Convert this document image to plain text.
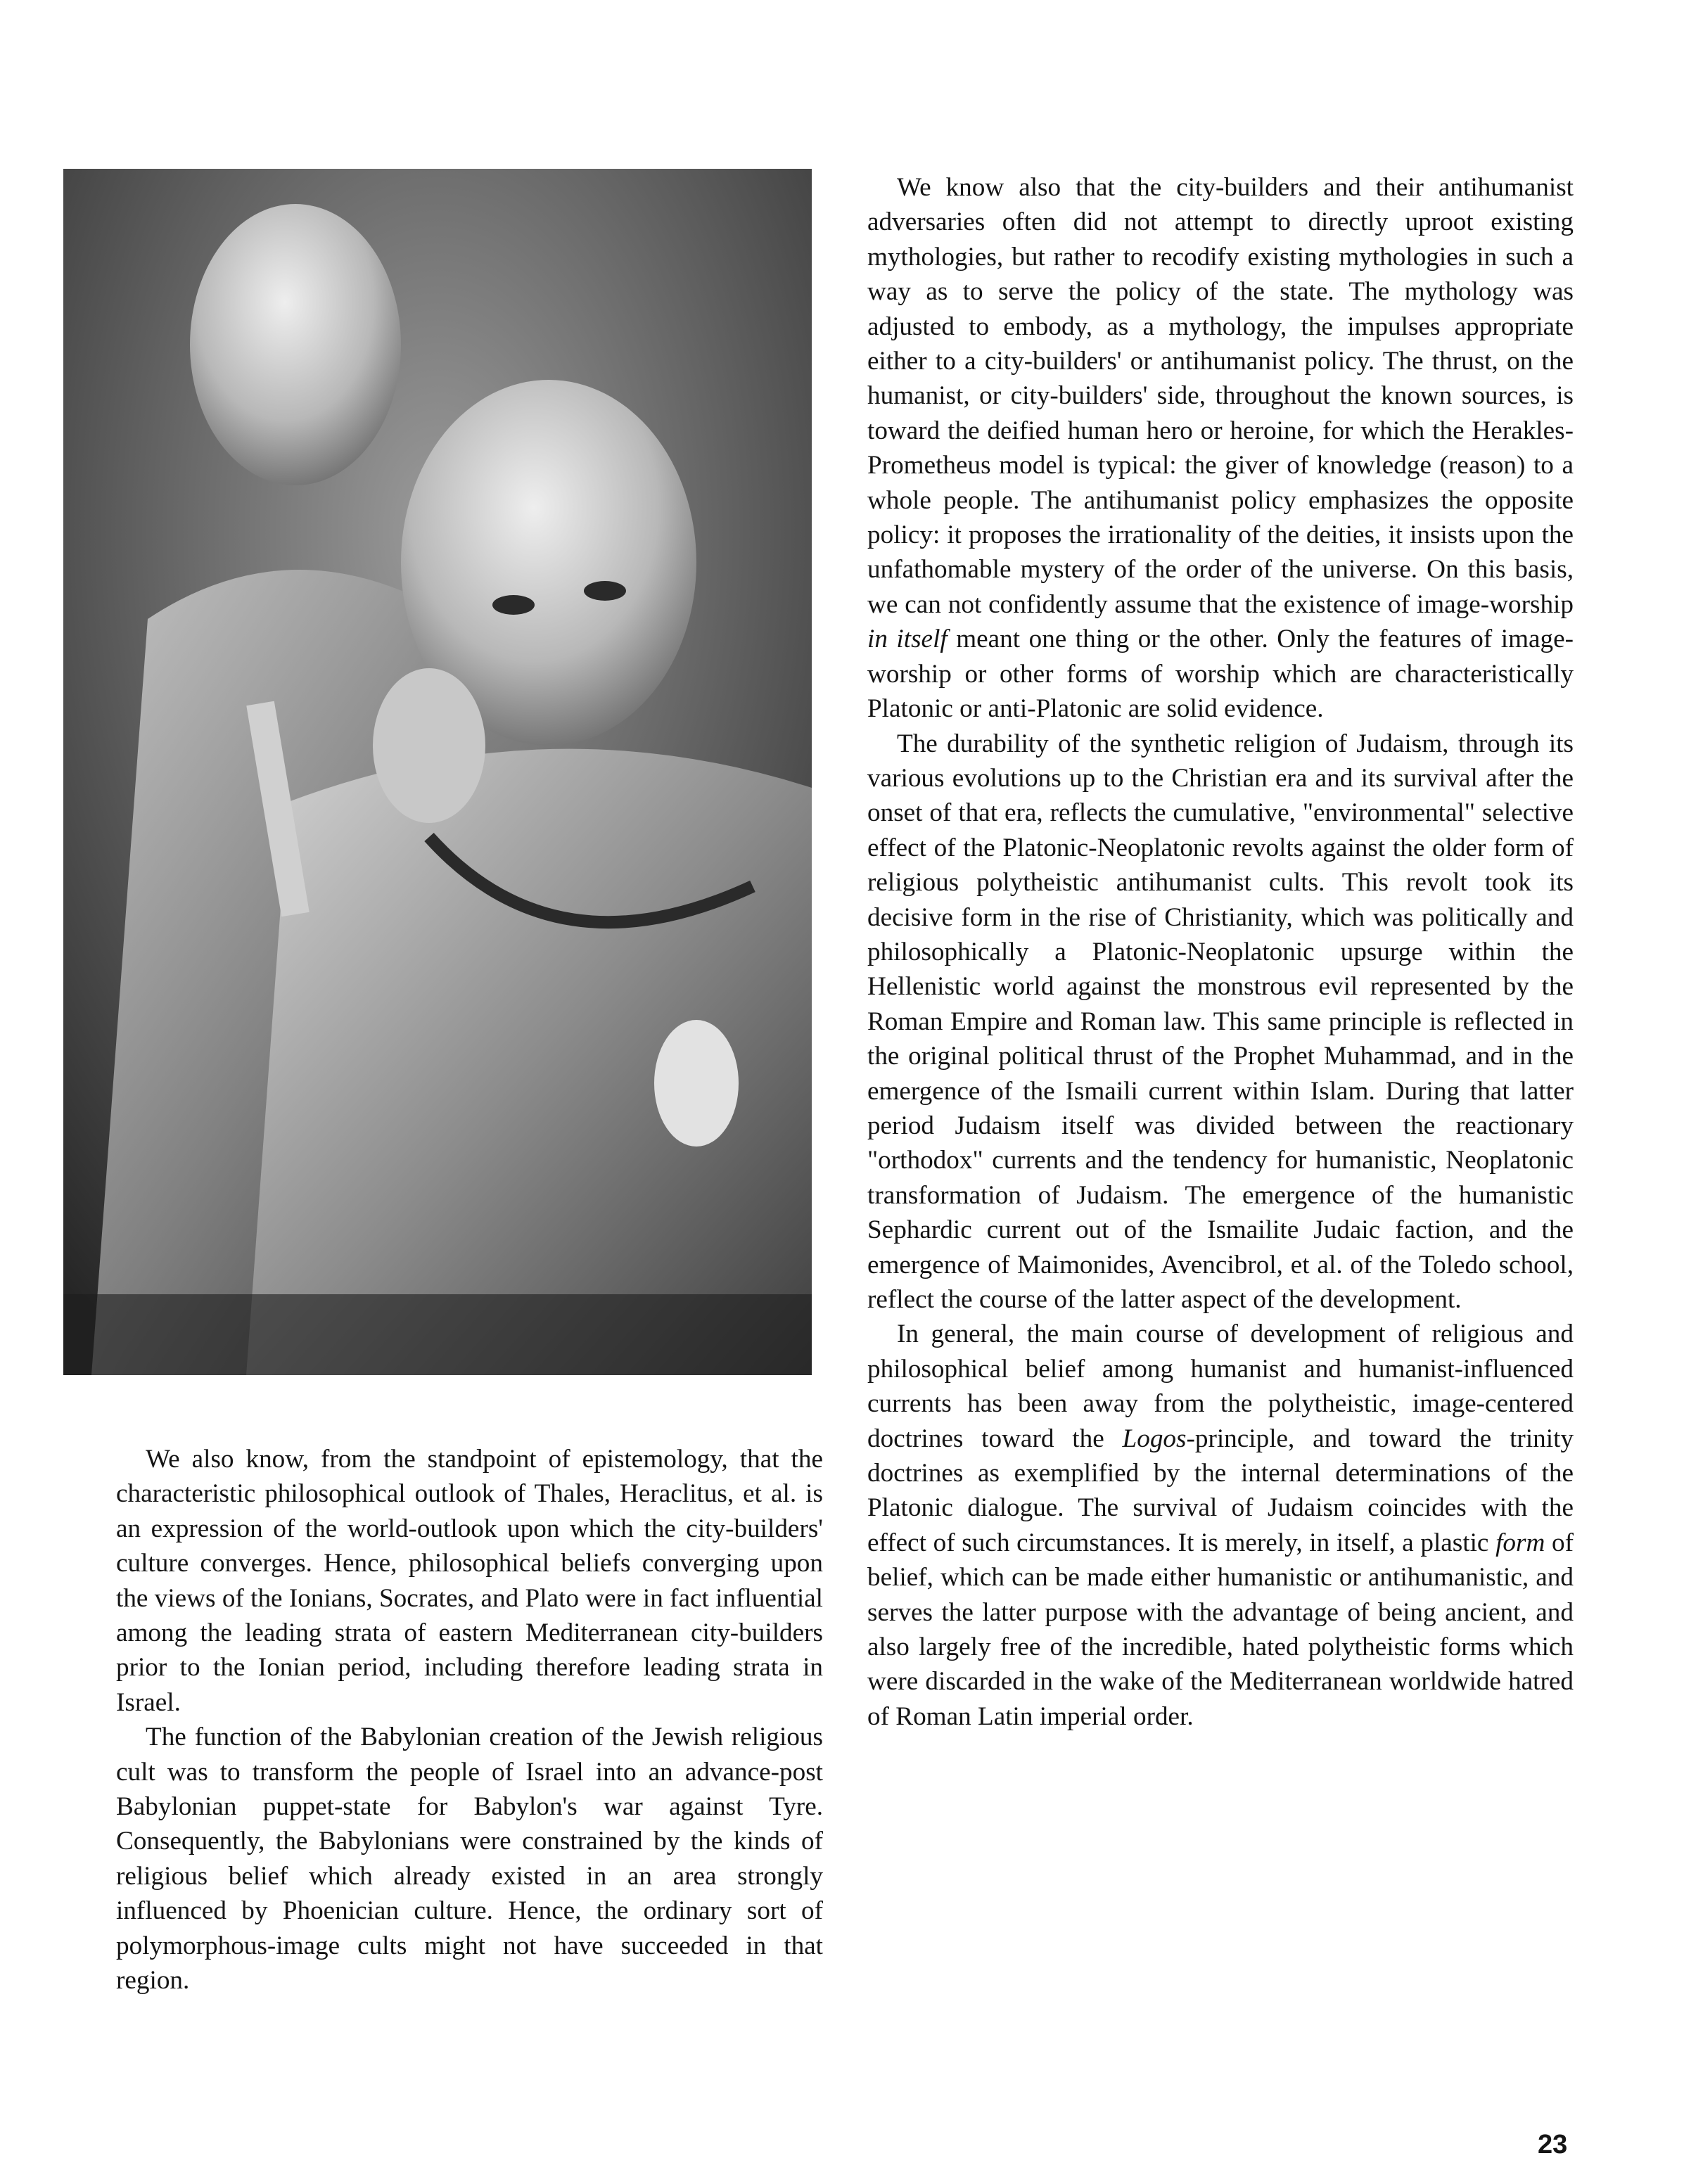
We also know, from the standpoint of epistemology, that the characteristic philosophical outlook of Thales, Heraclitus, et al. is an expression of the world-outlook upon which the city-builders' culture converges. Hence, philosophical beliefs converging upon the views of the Ionians, Socrates, and Plato were in fact influential among the leading strata of eastern Mediterranean city-builders prior to the Ionian period, including therefore leading strata in Israel.

The function of the Babylonian creation of the Jewish religious cult was to transform the people of Israel into an advance-post Babylonian puppet-state for Babylon's war against Tyre. Consequently, the Babylonians were constrained by the kinds of religious belief which already existed in an area strongly influenced by Phoenician culture. Hence, the ordinary sort of polymorphous-image cults might not have succeeded in that region.

We know also that the city-builders and their antihumanist adversaries often did not attempt to directly uproot existing mythologies, but rather to recodify existing mythologies in such a way as to serve the policy of the state. The mythology was adjusted to embody, as a mythology, the impulses appropriate either to a city-builders' or antihumanist policy. The thrust, on the humanist, or city-builders' side, throughout the known sources, is toward the deified human hero or heroine, for which the Herakles-Prometheus model is typical: the giver of knowledge (reason) to a whole people. The antihumanist policy emphasizes the opposite policy: it proposes the irrationality of the deities, it insists upon the unfathomable mystery of the order of the universe. On this basis, we can not confidently assume that the existence of image-worship in itself meant one thing or the other. Only the features of image-worship or other forms of worship which are characteristically Platonic or anti-Platonic are solid evidence.

The durability of the synthetic religion of Judaism, through its various evolutions up to the Christian era and its survival after the onset of that era, reflects the cumulative, "environmental" selective effect of the Platonic-Neoplatonic revolts against the older form of religious polytheistic antihumanist cults. This revolt took its decisive form in the rise of Christianity, which was politically and philosophically a Platonic-Neoplatonic upsurge within the Hellenistic world against the monstrous evil represented by the Roman Empire and Roman law. This same principle is reflected in the original political thrust of the Prophet Muhammad, and in the emergence of the Ismaili current within Islam. During that latter period Judaism itself was divided between the reactionary "orthodox" currents and the tendency for humanistic, Neoplatonic transformation of Judaism. The emergence of the humanistic Sephardic current out of the Ismailite Judaic faction, and the emergence of Maimonides, Avencibrol, et al. of the Toledo school, reflect the course of the latter aspect of the development.

In general, the main course of development of religious and philosophical belief among humanist and humanist-influenced currents has been away from the polytheistic, image-centered doctrines toward the Logos-principle, and toward the trinity doctrines as exemplified by the internal determinations of the Platonic dialogue. The survival of Judaism coincides with the effect of such circumstances. It is merely, in itself, a plastic form of belief, which can be made either humanistic or antihumanistic, and serves the latter purpose with the advantage of being ancient, and also largely free of the incredible, hated polytheistic forms which were discarded in the wake of the Mediterranean worldwide hatred of Roman Latin imperial order.

23
